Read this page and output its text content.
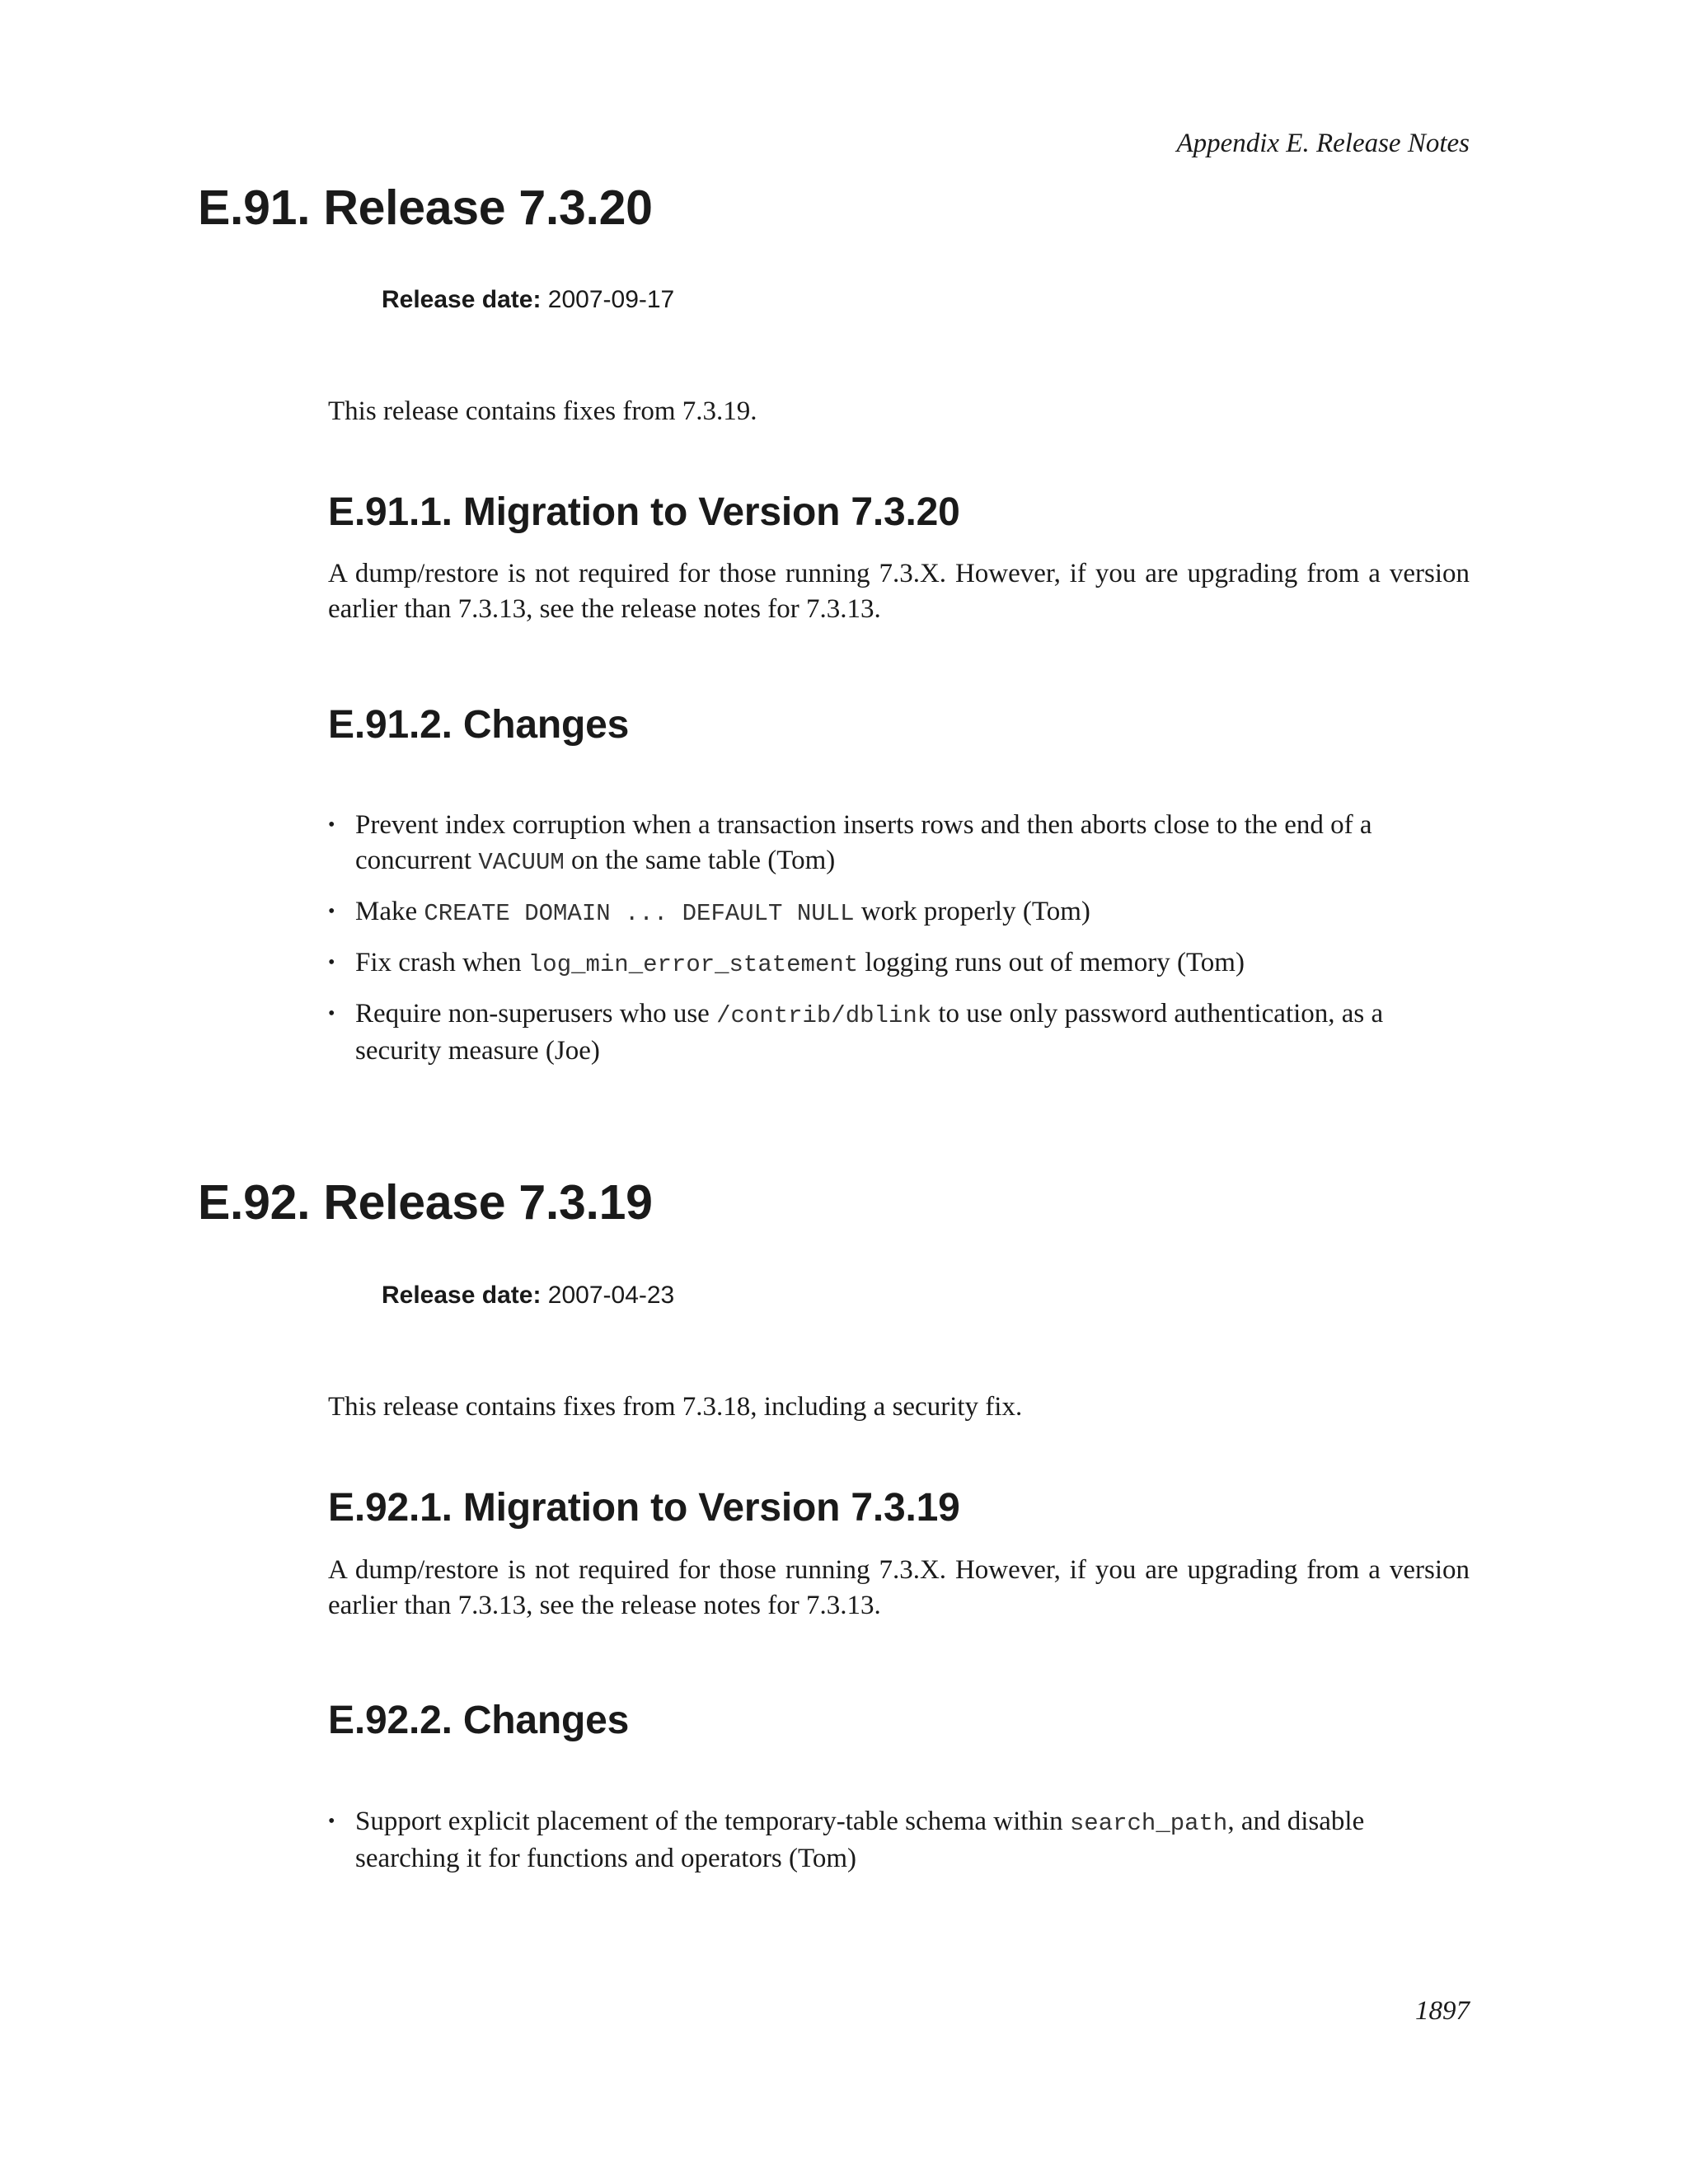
Appendix E. Release Notes
E.91. Release 7.3.20
Release date: 2007-09-17

This release contains fixes from 7.3.19.

E.91.1. Migration to Version 7.3.20

A dump/restore is not required for those running 7.3.X. However, if you are upgrading from a version earlier than 7.3.13, see the release notes for 7.3.13.

E.91.2. Changes
• Prevent index corruption when a transaction inserts rows and then aborts close to the end of a concurrent VACUUM on the same table (Tom)
• Make CREATE DOMAIN ... DEFAULT NULL work properly (Tom)
• Fix crash when log_min_error_statement logging runs out of memory (Tom)
• Require non-superusers who use /contrib/dblink to use only password authentication, as a security measure (Joe)
E.92. Release 7.3.19
Release date: 2007-04-23

This release contains fixes from 7.3.18, including a security fix.

E.92.1. Migration to Version 7.3.19

A dump/restore is not required for those running 7.3.X. However, if you are upgrading from a version earlier than 7.3.13, see the release notes for 7.3.13.

E.92.2. Changes
• Support explicit placement of the temporary-table schema within search_path, and disable searching it for functions and operators (Tom)
1897
